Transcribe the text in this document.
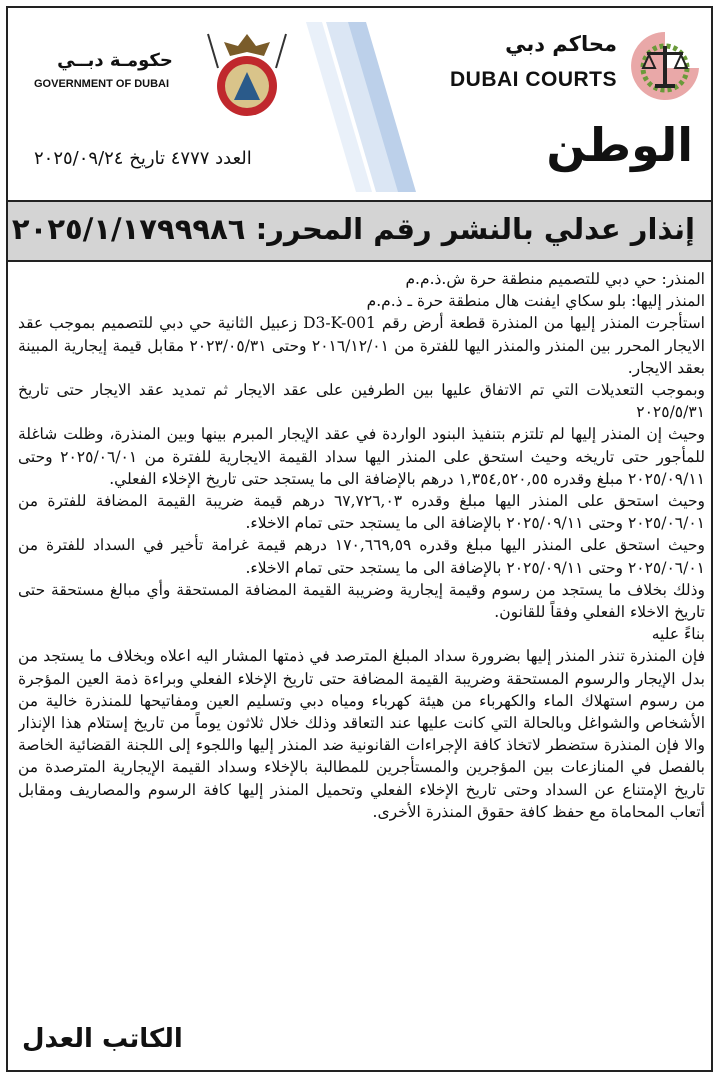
محاكم دبي
DUBAI COURTS
حكومـة دبــي
GOVERNMENT OF DUBAI
الوطن
العدد ٤٧٧٧ تاريخ ٢٠٢٥/٠٩/٢٤
إنذار عدلي بالنشر رقم المحرر: ٢٠٢٥/١/١٧٩٩٩٨٦

المنذر: حي دبي للتصميم منطقة حرة ش.ذ.م.م

المنذر إليها: بلو سكاي ايفنت هال منطقة حرة ـ ذ.م.م

استأجرت المنذر إليها من المنذرة قطعة أرض رقم D3-K-001 زعبيل الثانية حي دبي للتصميم بموجب عقد الايجار المحرر بين المنذر والمنذر اليها للفترة من ٢٠١٦/١٢/٠١ وحتى ٢٠٢٣/٠٥/٣١ مقابل قيمة إيجارية المبينة بعقد الايجار.

وبموجب التعديلات التي تم الاتفاق عليها بين الطرفين على عقد الايجار ثم تمديد عقد الايجار حتى تاريخ ٢٠٢٥/٥/٣١

وحيث إن المنذر إليها لم تلتزم بتنفيذ البنود الواردة في عقد الإيجار المبرم بينها وبين المنذرة، وظلت شاغلة للمأجور حتى تاريخه وحيث استحق على المنذر اليها سداد القيمة الايجارية للفترة من ٢٠٢٥/٠٦/٠١ وحتى ٢٠٢٥/٠٩/١١ مبلغ وقدره ١,٣٥٤,٥٢٠,٥٥ درهم بالإضافة الى ما يستجد حتى تاريخ الإخلاء الفعلي.

وحيث استحق على المنذر اليها مبلغ وقدره ٦٧,٧٢٦,٠٣ درهم قيمة ضريبة القيمة المضافة للفترة من ٢٠٢٥/٠٦/٠١ وحتى ٢٠٢٥/٠٩/١١ بالإضافة الى ما يستجد حتى تمام الاخلاء.

وحيث استحق على المنذر اليها مبلغ وقدره ١٧٠,٦٦٩,٥٩ درهم قيمة غرامة تأخير في السداد للفترة من ٢٠٢٥/٠٦/٠١ وحتى ٢٠٢٥/٠٩/١١ بالإضافة الى ما يستجد حتى تمام الاخلاء.

وذلك بخلاف ما يستجد من رسوم وقيمة إيجارية وضريبة القيمة المضافة المستحقة وأي مبالغ مستحقة حتى تاريخ الاخلاء الفعلي وفقاً للقانون.

بناءً عليه

فإن المنذرة تنذر المنذر إليها بضرورة سداد المبلغ المترصد في ذمتها المشار اليه اعلاه وبخلاف ما يستجد من بدل الإيجار والرسوم المستحقة وضريبة القيمة المضافة حتى تاريخ الإخلاء الفعلي وبراءة ذمة العين المؤجرة من رسوم استهلاك الماء والكهرباء من هيئة كهرباء ومياه دبي وتسليم العين ومفاتيحها للمنذرة خالية من الأشخاص والشواغل وبالحالة التي كانت عليها عند التعاقد وذلك خلال ثلاثون يوماً من تاريخ إستلام هذا الإنذار والا فإن المنذرة ستضطر لاتخاذ كافة الإجراءات القانونية ضد المنذر إليها واللجوء إلى اللجنة القضائية الخاصة بالفصل في المنازعات بين المؤجرين والمستأجرين للمطالبة بالإخلاء وسداد القيمة الإيجارية المترصدة من تاريخ الإمتناع عن السداد وحتى تاريخ الإخلاء الفعلي وتحميل المنذر إليها كافة الرسوم والمصاريف ومقابل أتعاب المحاماة مع حفظ كافة حقوق المنذرة الأخرى.

الكاتب العدل
